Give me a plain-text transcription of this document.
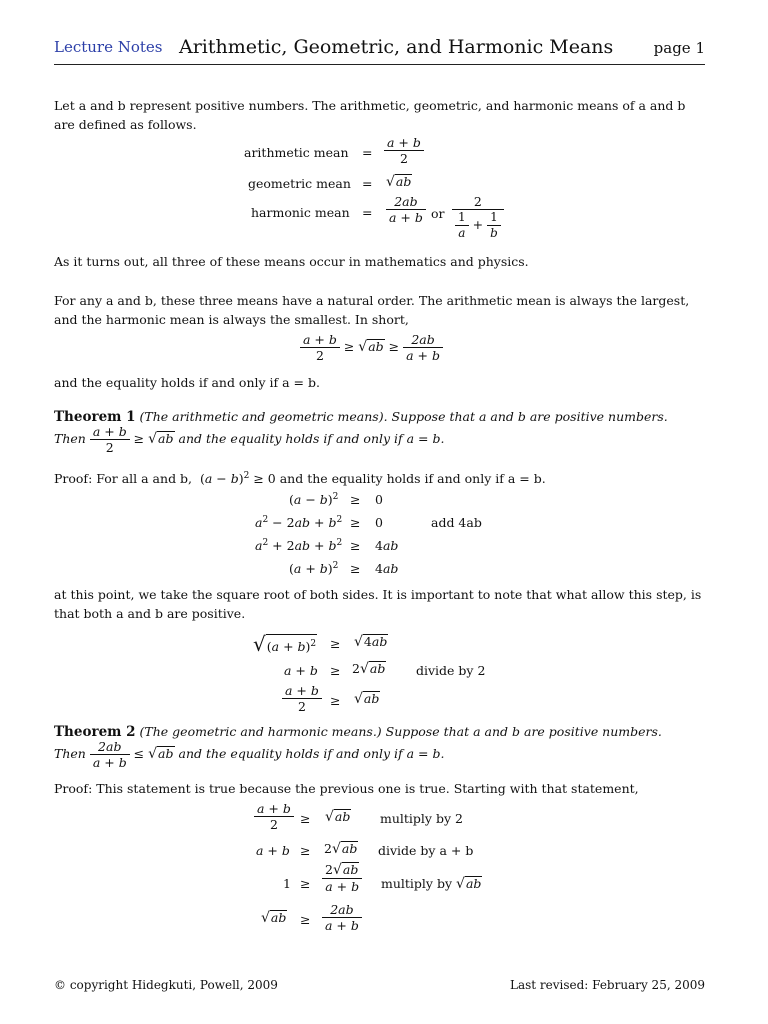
Lecture Notes Arithmetic, Geometric, and Harmonic Means	page 1
Let a and b represent positive numbers. The arithmetic, geometric, and harmonic means of a and b are defined as follows.
arithmetic mean = $\frac{a + b}{2}$
geometric mean = √ab
harmonic mean = $\frac{2ab}{a + b}$ or $\frac{2}{\frac{1}{a} + \frac{1}{b}}$
As it turns out, all three of these means occur in mathematics and physics.
For any a and b, these three means have a natural order. The arithmetic mean is always the largest, and the harmonic mean is always the smallest. In short,
$\frac{a + b}{2} \ge √ab \ge \frac{2ab}{a + b}$
and the equality holds if and only if a = b.
Theorem 1 (The arithmetic and geometric means). Suppose that a and b are positive numbers.
Then $\frac{a + b}{2} \ge √ab$ and the equality holds if and only if a = b.
Proof: For all a and b,  $(a - b)^2 \ge 0$ and the equality holds if and only if a = b.
$(a - b)^2 \ge 0$
$a^2 - 2ab + b^2 \ge 0$	add 4ab
$a^2 + 2ab + b^2 \ge 4ab$
$(a + b)^2 \ge 4ab$
at this point, we take the square root of both sides. It is important to note that what allow this step, is that both a and b are positive.
$√(a + b)^2 \ge √4ab$
a + b ≥ 2√ab divide by 2
$\frac{a + b}{2} \ge √ab$
Theorem 2 (The geometric and harmonic means.) Suppose that a and b are positive numbers.
Then $\frac{2ab}{a + b} \le √ab$ and the equality holds if and only if a = b.
Proof: This statement is true because the previous one is true. Starting with that statement,
$\frac{a + b}{2} \ge √ab$ multiply by 2
a + b ≥ 2√ab divide by a + b
$1 \ge \frac{2√ab}{a + b}$ multiply by √ab
$√ab \ge \frac{2ab}{a + b}$
© copyright Hidegkuti, Powell, 2009	Last revised: February 25, 2009
